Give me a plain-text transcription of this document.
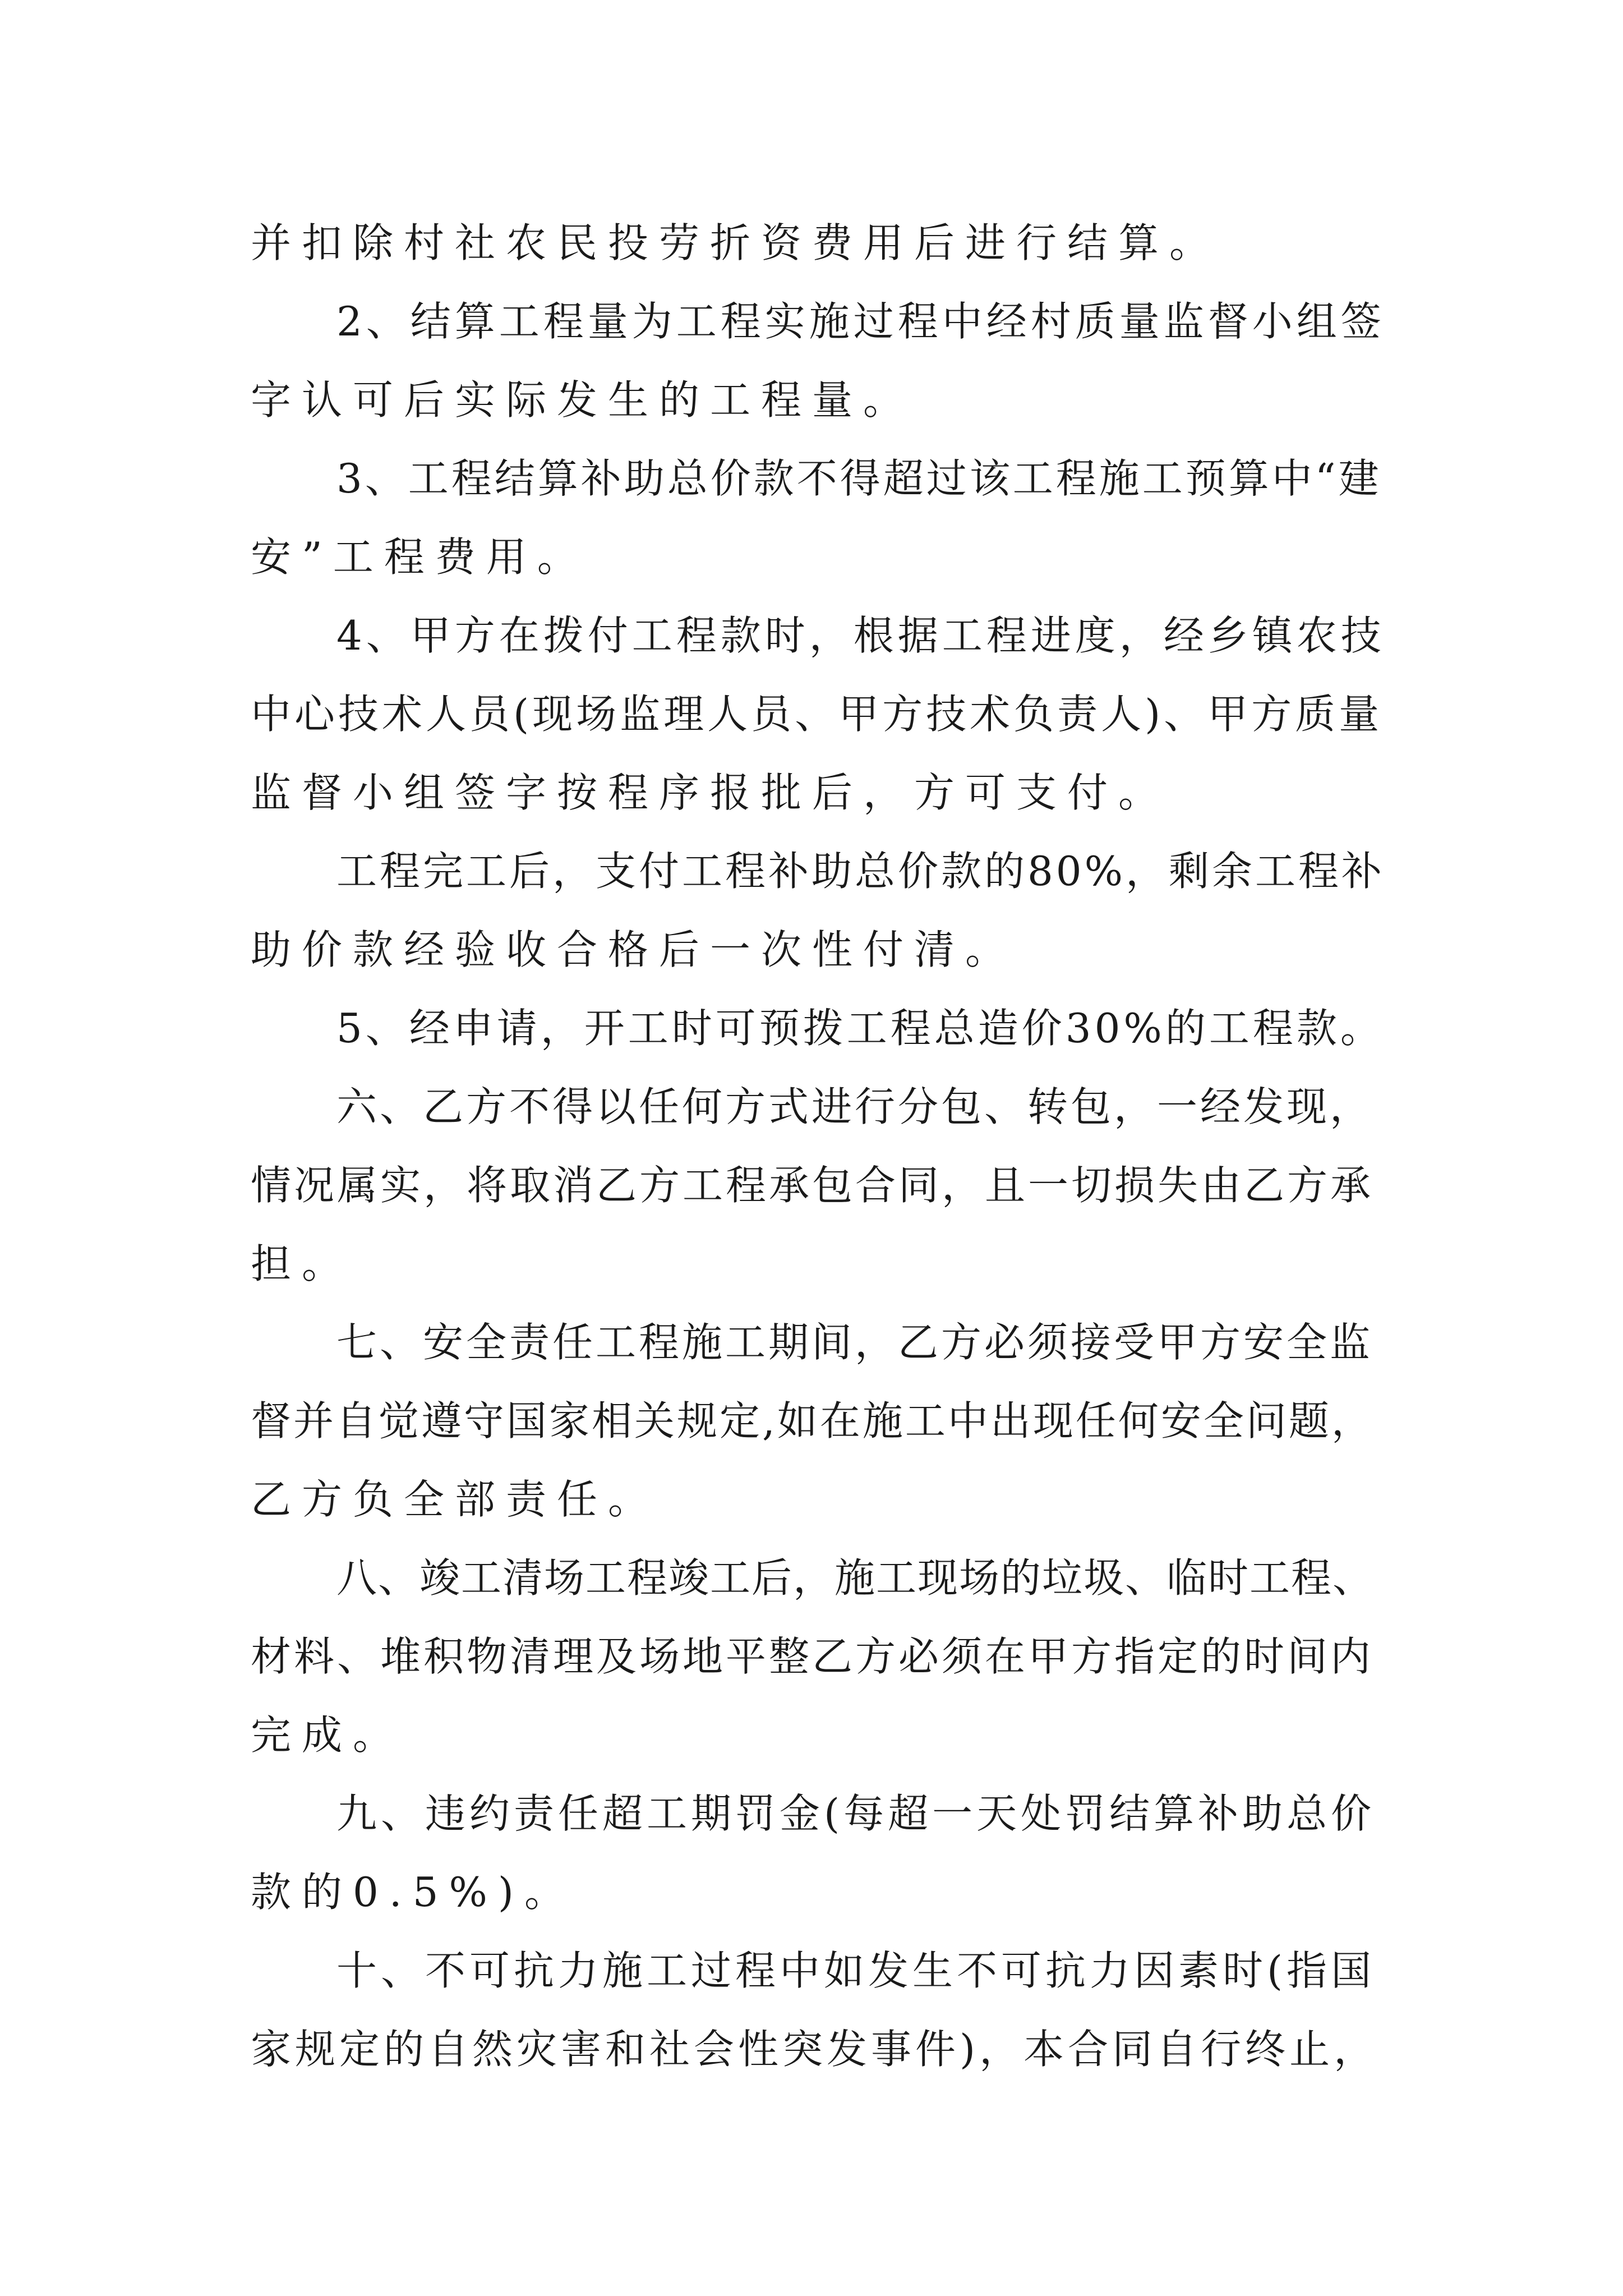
并扣除村社农民投劳折资费用后进行结算。

2、结算工程量为工程实施过程中经村质量监督小组签

字认可后实际发生的工程量。

3、工程结算补助总价款不得超过该工程施工预算中“建

安”工程费用。

4、甲方在拨付工程款时，根据工程进度，经乡镇农技

中心技术人员(现场监理人员、甲方技术负责人)、甲方质量

监督小组签字按程序报批后，方可支付。

工程完工后，支付工程补助总价款的80%，剩余工程补

助价款经验收合格后一次性付清。

5、经申请，开工时可预拨工程总造价30%的工程款。

六、乙方不得以任何方式进行分包、转包，一经发现，

情况属实，将取消乙方工程承包合同，且一切损失由乙方承

担。

七、安全责任工程施工期间，乙方必须接受甲方安全监

督并自觉遵守国家相关规定,如在施工中出现任何安全问题，

乙方负全部责任。

八、竣工清场工程竣工后，施工现场的垃圾、临时工程、

材料、堆积物清理及场地平整乙方必须在甲方指定的时间内

完成。

九、违约责任超工期罚金(每超一天处罚结算补助总价

款的0.5%)。

十、不可抗力施工过程中如发生不可抗力因素时(指国

家规定的自然灾害和社会性突发事件)，本合同自行终止，
